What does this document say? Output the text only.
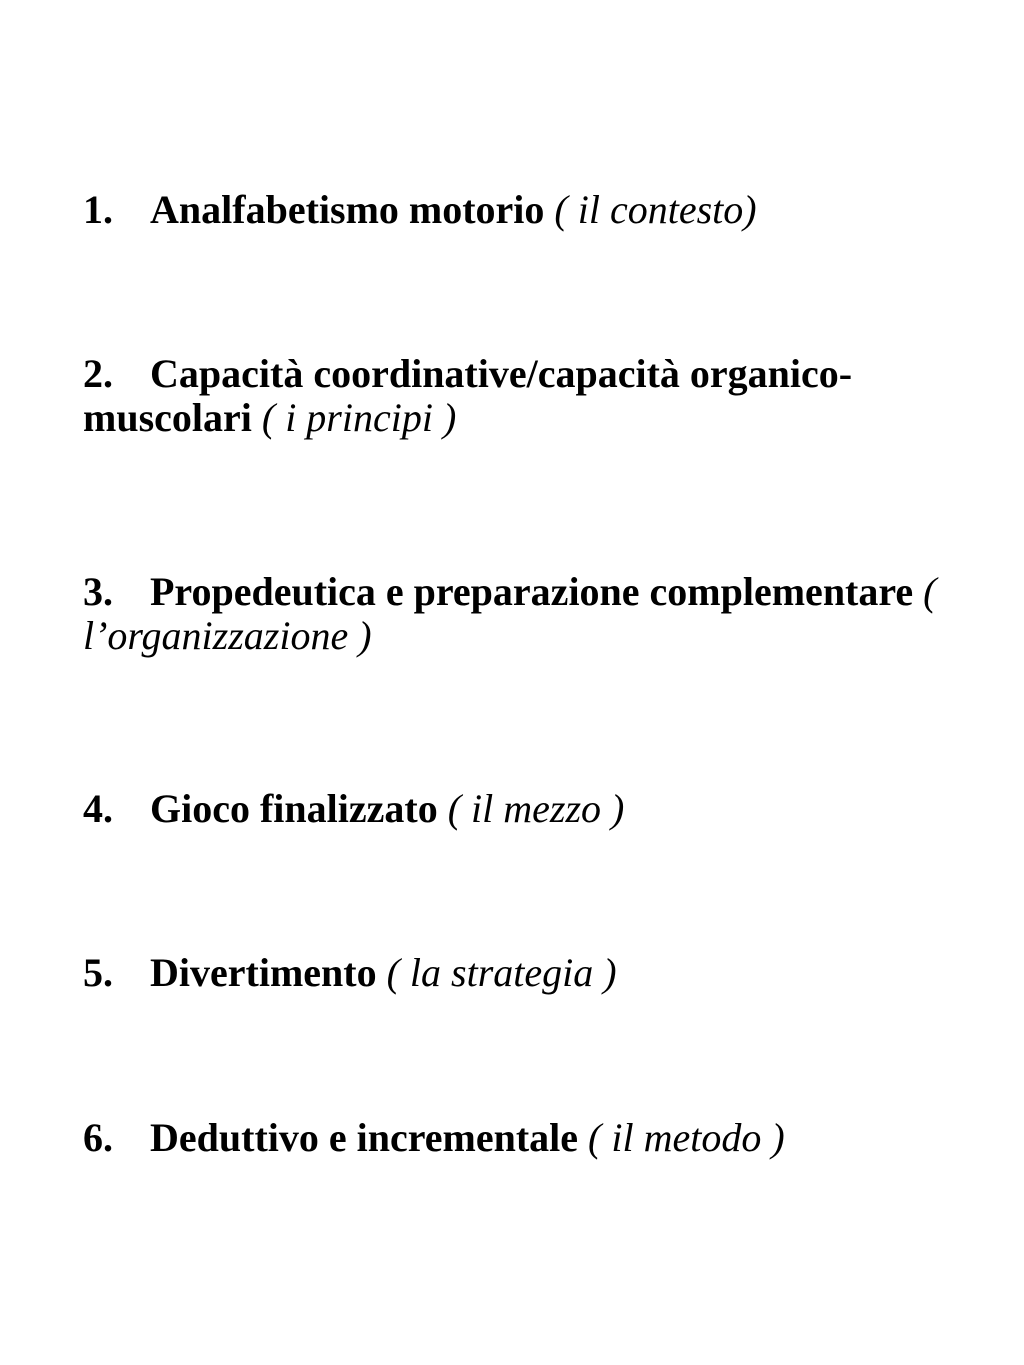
1. Analfabetismo motorio ( il contesto)

2. Capacità coordinative/capacità organico-muscolari ( i principi )

3. Propedeutica e preparazione complementare ( l’organizzazione )

4. Gioco finalizzato ( il mezzo )

5. Divertimento ( la strategia )

6. Deduttivo e incrementale ( il metodo )
